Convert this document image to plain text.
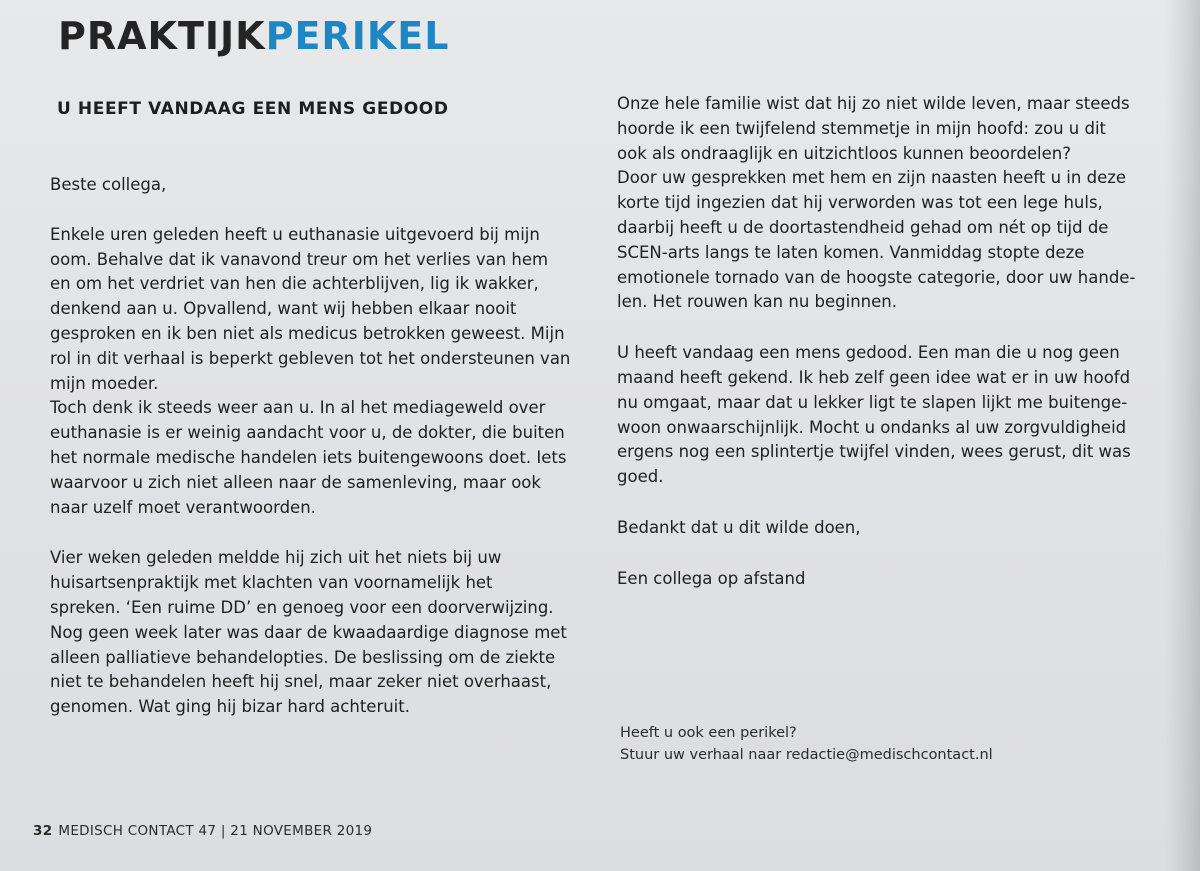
PRAKTIJKPERIKEL
U HEEFT VANDAAG EEN MENS GEDOOD

Beste collega,

Enkele uren geleden heeft u euthanasie uitgevoerd bij mijn
oom. Behalve dat ik vanavond treur om het verlies van hem
en om het verdriet van hen die achterblijven, lig ik wakker,
denkend aan u. Opvallend, want wij hebben elkaar nooit
gesproken en ik ben niet als medicus betrokken geweest. Mijn
rol in dit verhaal is beperkt gebleven tot het ondersteunen van
mijn moeder.

Toch denk ik steeds weer aan u. In al het mediageweld over
euthanasie is er weinig aandacht voor u, de dokter, die buiten
het normale medische handelen iets buitengewoons doet. Iets
waarvoor u zich niet alleen naar de samenleving, maar ook
naar uzelf moet verantwoorden.

Vier weken geleden meldde hij zich uit het niets bij uw
huisartsenpraktijk met klachten van voornamelijk het
spreken. ‘Een ruime DD’ en genoeg voor een doorverwijzing.
Nog geen week later was daar de kwaadaardige diagnose met
alleen palliatieve behandelopties. De beslissing om de ziekte
niet te behandelen heeft hij snel, maar zeker niet overhaast,
genomen. Wat ging hij bizar hard achteruit.

Onze hele familie wist dat hij zo niet wilde leven, maar steeds
hoorde ik een twijfelend stemmetje in mijn hoofd: zou u dit
ook als ondraaglijk en uitzichtloos kunnen beoordelen?
Door uw gesprekken met hem en zijn naasten heeft u in deze
korte tijd ingezien dat hij verworden was tot een lege huls,
daarbij heeft u de doortastendheid gehad om nét op tijd de
SCEN-arts langs te laten komen. Vanmiddag stopte deze
emotionele tornado van de hoogste categorie, door uw hande-
len. Het rouwen kan nu beginnen.

U heeft vandaag een mens gedood. Een man die u nog geen
maand heeft gekend. Ik heb zelf geen idee wat er in uw hoofd
nu omgaat, maar dat u lekker ligt te slapen lijkt me buitenge-
woon onwaarschijnlijk. Mocht u ondanks al uw zorgvuldigheid
ergens nog een splintertje twijfel vinden, wees gerust, dit was
goed.

Bedankt dat u dit wilde doen,

Een collega op afstand

Heeft u ook een perikel?
Stuur uw verhaal naar redactie@medischcontact.nl
32 MEDISCH CONTACT 47 | 21 NOVEMBER 2019
